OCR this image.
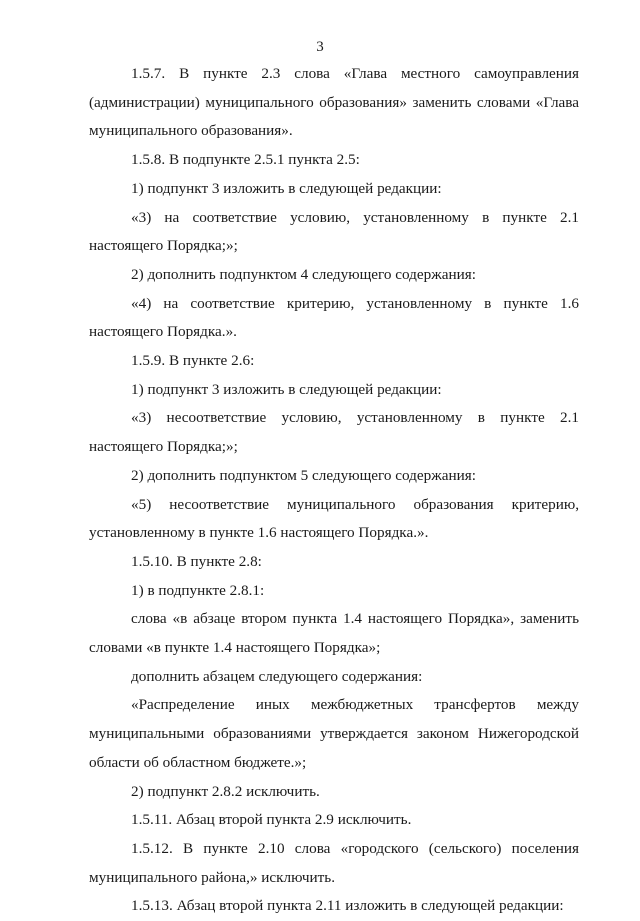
3

1.5.7. В пункте 2.3 слова «Глава местного самоуправления (администрации) муниципального образования» заменить словами «Глава муниципального образования».

1.5.8. В подпункте 2.5.1 пункта 2.5:

1) подпункт 3 изложить в следующей редакции:

«3) на соответствие условию, установленному в пункте 2.1 настоящего Порядка;»;

2) дополнить подпунктом 4 следующего содержания:

«4) на соответствие критерию, установленному в пункте 1.6 настоящего Порядка.».

1.5.9. В пункте 2.6:

1) подпункт 3 изложить в следующей редакции:

«3) несоответствие условию, установленному в пункте 2.1 настоящего Порядка;»;

2) дополнить подпунктом 5 следующего содержания:

«5) несоответствие муниципального образования критерию, установленному в пункте 1.6 настоящего Порядка.».

1.5.10. В пункте 2.8:

1) в подпункте 2.8.1:

слова «в абзаце втором пункта 1.4 настоящего Порядка», заменить словами «в пункте 1.4 настоящего Порядка»;

дополнить абзацем следующего содержания:

«Распределение иных межбюджетных трансфертов между муниципальными образованиями утверждается законом Нижегородской области об областном бюджете.»;

2) подпункт 2.8.2 исключить.

1.5.11. Абзац второй пункта 2.9 исключить.

1.5.12. В пункте 2.10 слова «городского (сельского) поселения муниципального района,» исключить.

1.5.13. Абзац второй пункта 2.11 изложить в следующей редакции:
